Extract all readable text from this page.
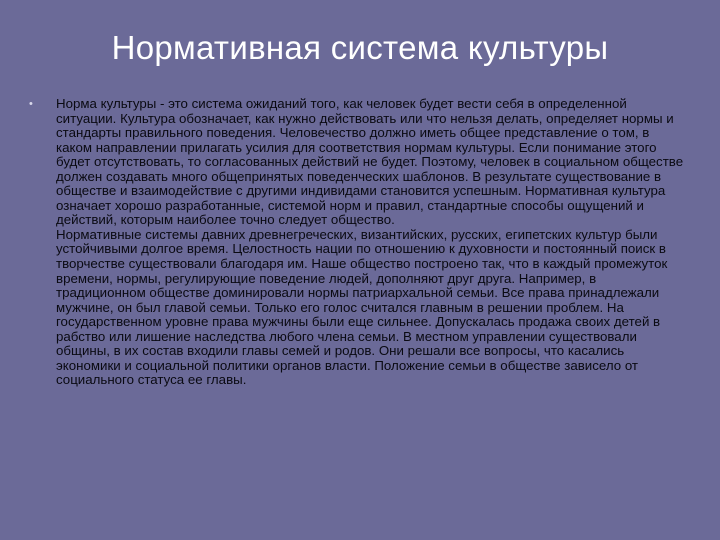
Нормативная система культуры
• Норма культуры - это система ожиданий того, как человек будет вести себя в определенной ситуации. Культура обозначает, как нужно действовать или что нельзя делать, определяет нормы и стандарты правильного поведения. Человечество должно иметь общее представление о том, в каком направлении прилагать усилия для соответствия нормам культуры. Если понимание этого будет отсутствовать, то согласованных действий не будет. Поэтому, человек в социальном обществе должен создавать много общепринятых поведенческих шаблонов. В результате существование в обществе и взаимодействие с другими индивидами становится успешным. Нормативная культура означает хорошо разработанные, системой норм и правил, стандартные способы ощущений и действий, которым наиболее точно следует общество.

Нормативные системы давних древнегреческих, византийских, русских, египетских культур были устойчивыми долгое время. Целостность нации по отношению к духовности и постоянный поиск в творчестве существовали благодаря им. Наше общество построено так, что в каждый промежуток времени, нормы, регулирующие поведение людей, дополняют друг друга. Например, в традиционном обществе доминировали нормы патриархальной семьи. Все права принадлежали мужчине, он был главой семьи. Только его голос считался главным в решении проблем. На государственном уровне права мужчины были еще сильнее. Допускалась продажа своих детей в рабство или лишение наследства любого члена семьи. В местном управлении существовали общины, в их состав входили главы семей и родов. Они решали все вопросы, что касались экономики и социальной политики органов власти. Положение семьи в обществе зависело от социального статуса ее главы.
